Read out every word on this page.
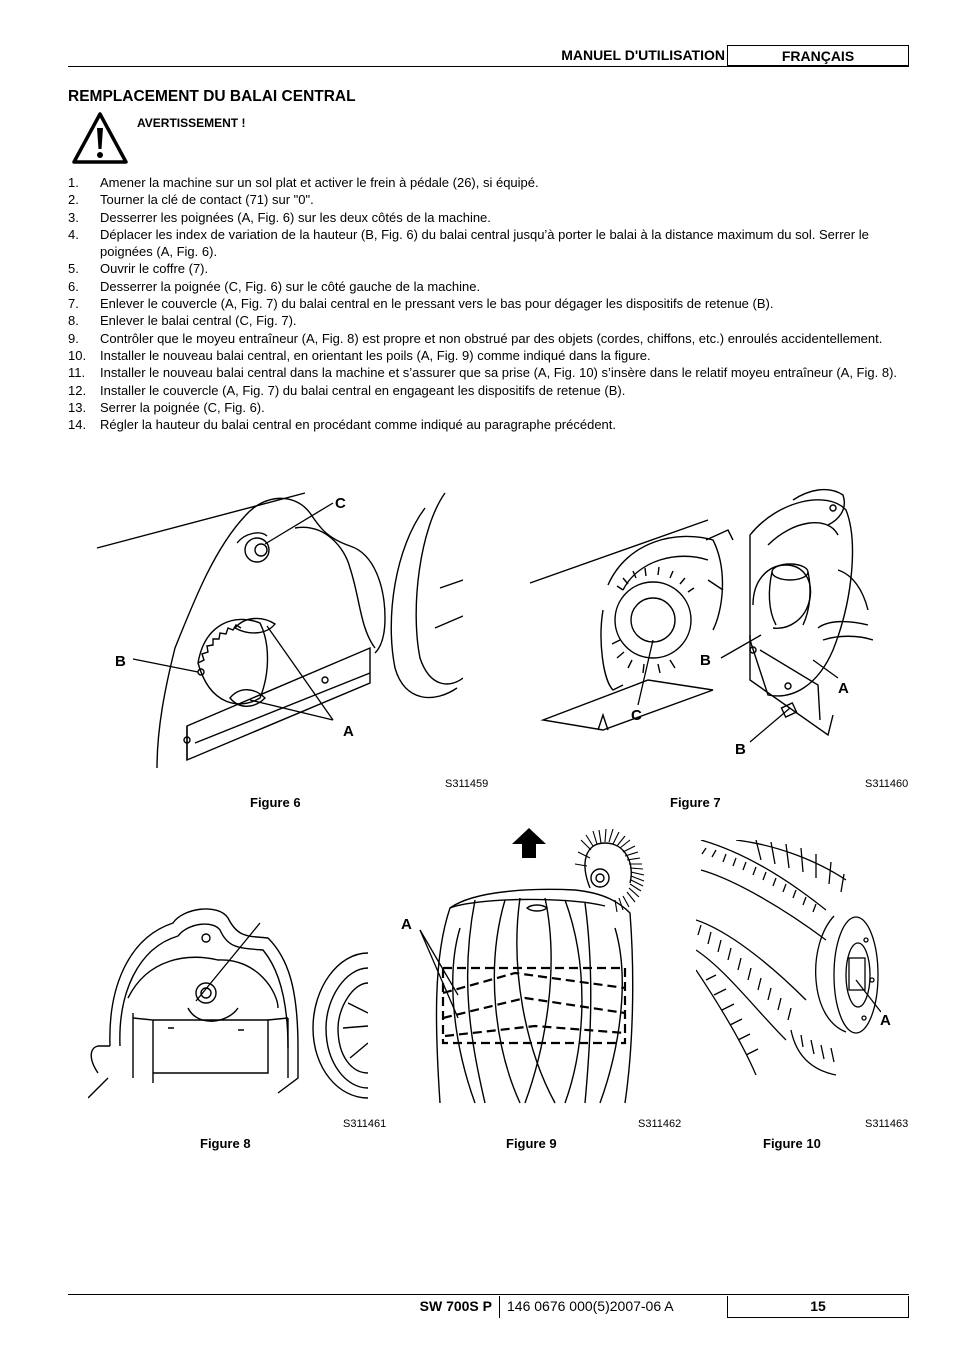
MANUEL D'UTILISATION	FRANÇAIS
REMPLACEMENT DU BALAI CENTRAL
AVERTISSEMENT !
1. Amener la machine sur un sol plat et activer le frein à pédale (26), si équipé.
2. Tourner la clé de contact (71) sur "0".
3. Desserrer les poignées (A, Fig. 6) sur les deux côtés de la machine.
4. Déplacer les index de variation de la hauteur (B, Fig. 6) du balai central jusqu’à porter le balai à la distance maximum du sol. Serrer le poignées (A, Fig. 6).
5. Ouvrir le coffre (7).
6. Desserrer la poignée (C, Fig. 6) sur le côté gauche de la machine.
7. Enlever le couvercle (A, Fig. 7) du balai central en le pressant vers le bas pour dégager les dispositifs de retenue (B).
8. Enlever le balai central (C, Fig. 7).
9. Contrôler que le moyeu entraîneur (A, Fig. 8) est propre et non obstrué par des objets (cordes, chiffons, etc.) enroulés accidentellement.
10. Installer le nouveau balai central, en orientant les poils (A, Fig. 9) comme indiqué dans la figure.
11. Installer le nouveau balai central dans la machine et s’assurer que sa prise (A, Fig. 10) s’insère dans le relatif moyeu entraîneur (A, Fig. 8).
12. Installer le couvercle (A, Fig. 7) du balai central en engageant les dispositifs de retenue (B).
13. Serrer la poignée (C, Fig. 6).
14. Régler la hauteur du balai central en procédant comme indiqué au paragraphe précédent.
C
B
A
S311459
Figure 6
B
A
C
B
S311460
Figure 7
S311461
Figure 8
A
S311462
Figure 9
A
S311463
Figure 10
SW 700S P 146 0676 000(5)2007-06 A	15
